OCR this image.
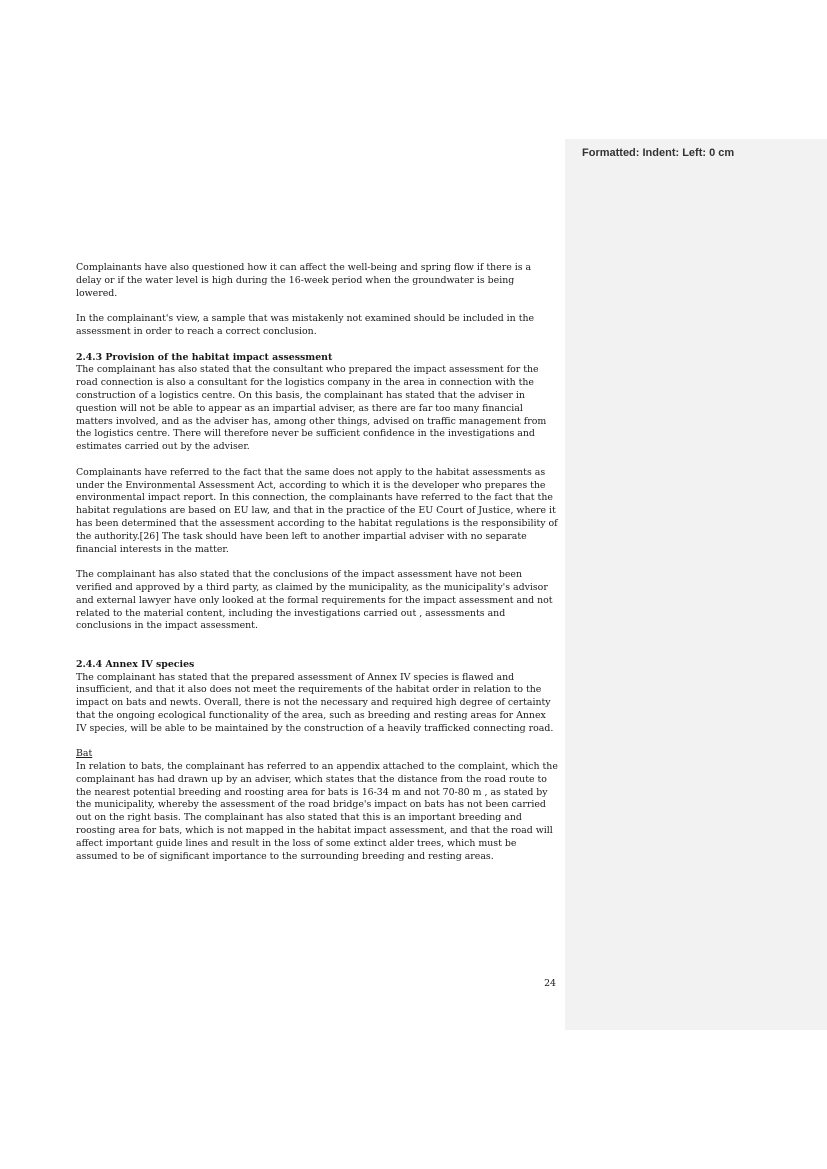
Formatted: Indent: Left: 0 cm

Complainants have also questioned how it can affect the well-being and spring flow if there is a delay or if the water level is high during the 16-week period when the groundwater is being lowered.

In the complainant's view, a sample that was mistakenly not examined should be included in the assessment in order to reach a correct conclusion.

2.4.3 Provision of the habitat impact assessment

The complainant has also stated that the consultant who prepared the impact assessment for the road connection is also a consultant for the logistics company in the area in connection with the construction of a logistics centre. On this basis, the complainant has stated that the adviser in question will not be able to appear as an impartial adviser, as there are far too many financial matters involved, and as the adviser has, among other things, advised on traffic management from the logistics centre. There will therefore never be sufficient confidence in the investigations and estimates carried out by the adviser.

Complainants have referred to the fact that the same does not apply to the habitat assessments as under the Environmental Assessment Act, according to which it is the developer who prepares the environmental impact report. In this connection, the complainants have referred to the fact that the habitat regulations are based on EU law, and that in the practice of the EU Court of Justice, where it has been determined that the assessment according to the habitat regulations is the responsibility of the authority.[26] The task should have been left to another impartial adviser with no separate financial interests in the matter.

The complainant has also stated that the conclusions of the impact assessment have not been verified and approved by a third party, as claimed by the municipality, as the municipality's advisor and external lawyer have only looked at the formal requirements for the impact assessment and not related to the material content, including the investigations carried out , assessments and conclusions in the impact assessment.

2.4.4 Annex IV species

The complainant has stated that the prepared assessment of Annex IV species is flawed and insufficient, and that it also does not meet the requirements of the habitat order in relation to the impact on bats and newts. Overall, there is not the necessary and required high degree of certainty that the ongoing ecological functionality of the area, such as breeding and resting areas for Annex IV species, will be able to be maintained by the construction of a heavily trafficked connecting road.

Bat

In relation to bats, the complainant has referred to an appendix attached to the complaint, which the complainant has had drawn up by an adviser, which states that the distance from the road route to the nearest potential breeding and roosting area for bats is 16-34 m and not 70-80 m , as stated by the municipality, whereby the assessment of the road bridge's impact on bats has not been carried out on the right basis. The complainant has also stated that this is an important breeding and roosting area for bats, which is not mapped in the habitat impact assessment, and that the road will affect important guide lines and result in the loss of some extinct alder trees, which must be assumed to be of significant importance to the surrounding breeding and resting areas.

24
